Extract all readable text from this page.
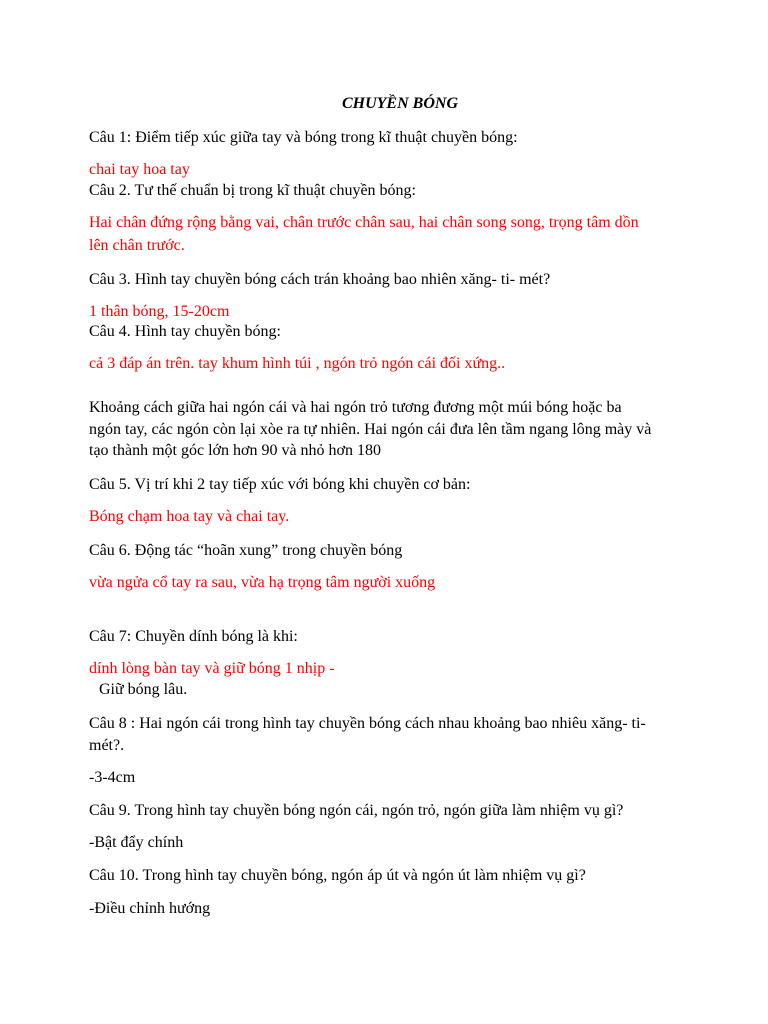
CHUYỀN BÓNG
Câu 1: Điểm tiếp xúc giữa tay và bóng trong kĩ thuật chuyền bóng:
chai tay hoa tay
Câu 2. Tư thế chuẩn bị trong kĩ thuật chuyền bóng:
Hai chân đứng rộng bằng vai, chân trước chân sau, hai chân song song, trọng tâm dồn
lên chân trước.
Câu 3. Hình tay chuyền bóng cách trán khoảng bao nhiên xăng- ti- mét?
1 thân bóng, 15-20cm
Câu 4. Hình tay chuyền bóng:
cả 3 đáp án trên. tay khum hình túi , ngón trỏ ngón cái đối xứng..
Khoảng cách giữa hai ngón cái và hai ngón trỏ tương đương một múi bóng hoặc ba
ngón tay, các ngón còn lại xòe ra tự nhiên. Hai ngón cái đưa lên tầm ngang lông mày và
tạo thành một góc lớn hơn 90 và nhỏ hơn 180
Câu 5. Vị trí khi 2 tay tiếp xúc với bóng khi chuyền cơ bản:
Bóng chạm hoa tay và chai tay.
Câu 6. Động tác “hoãn xung” trong chuyền bóng
vừa ngửa cổ tay ra sau, vừa hạ trọng tâm người xuống
Câu 7: Chuyền dính bóng là khi:
dính lòng bàn tay và giữ bóng 1 nhịp -
Giữ bóng lâu.
Câu 8 : Hai ngón cái trong hình tay chuyền bóng cách nhau khoảng bao nhiêu xăng- ti-
mét?.
-3-4cm
Câu 9. Trong hình tay chuyền bóng ngón cái, ngón trỏ, ngón giữa làm nhiệm vụ gì?
-Bật đẩy chính
Câu 10. Trong hình tay chuyền bóng, ngón áp út và ngón út làm nhiệm vụ gì?
-Điều chỉnh hướng
